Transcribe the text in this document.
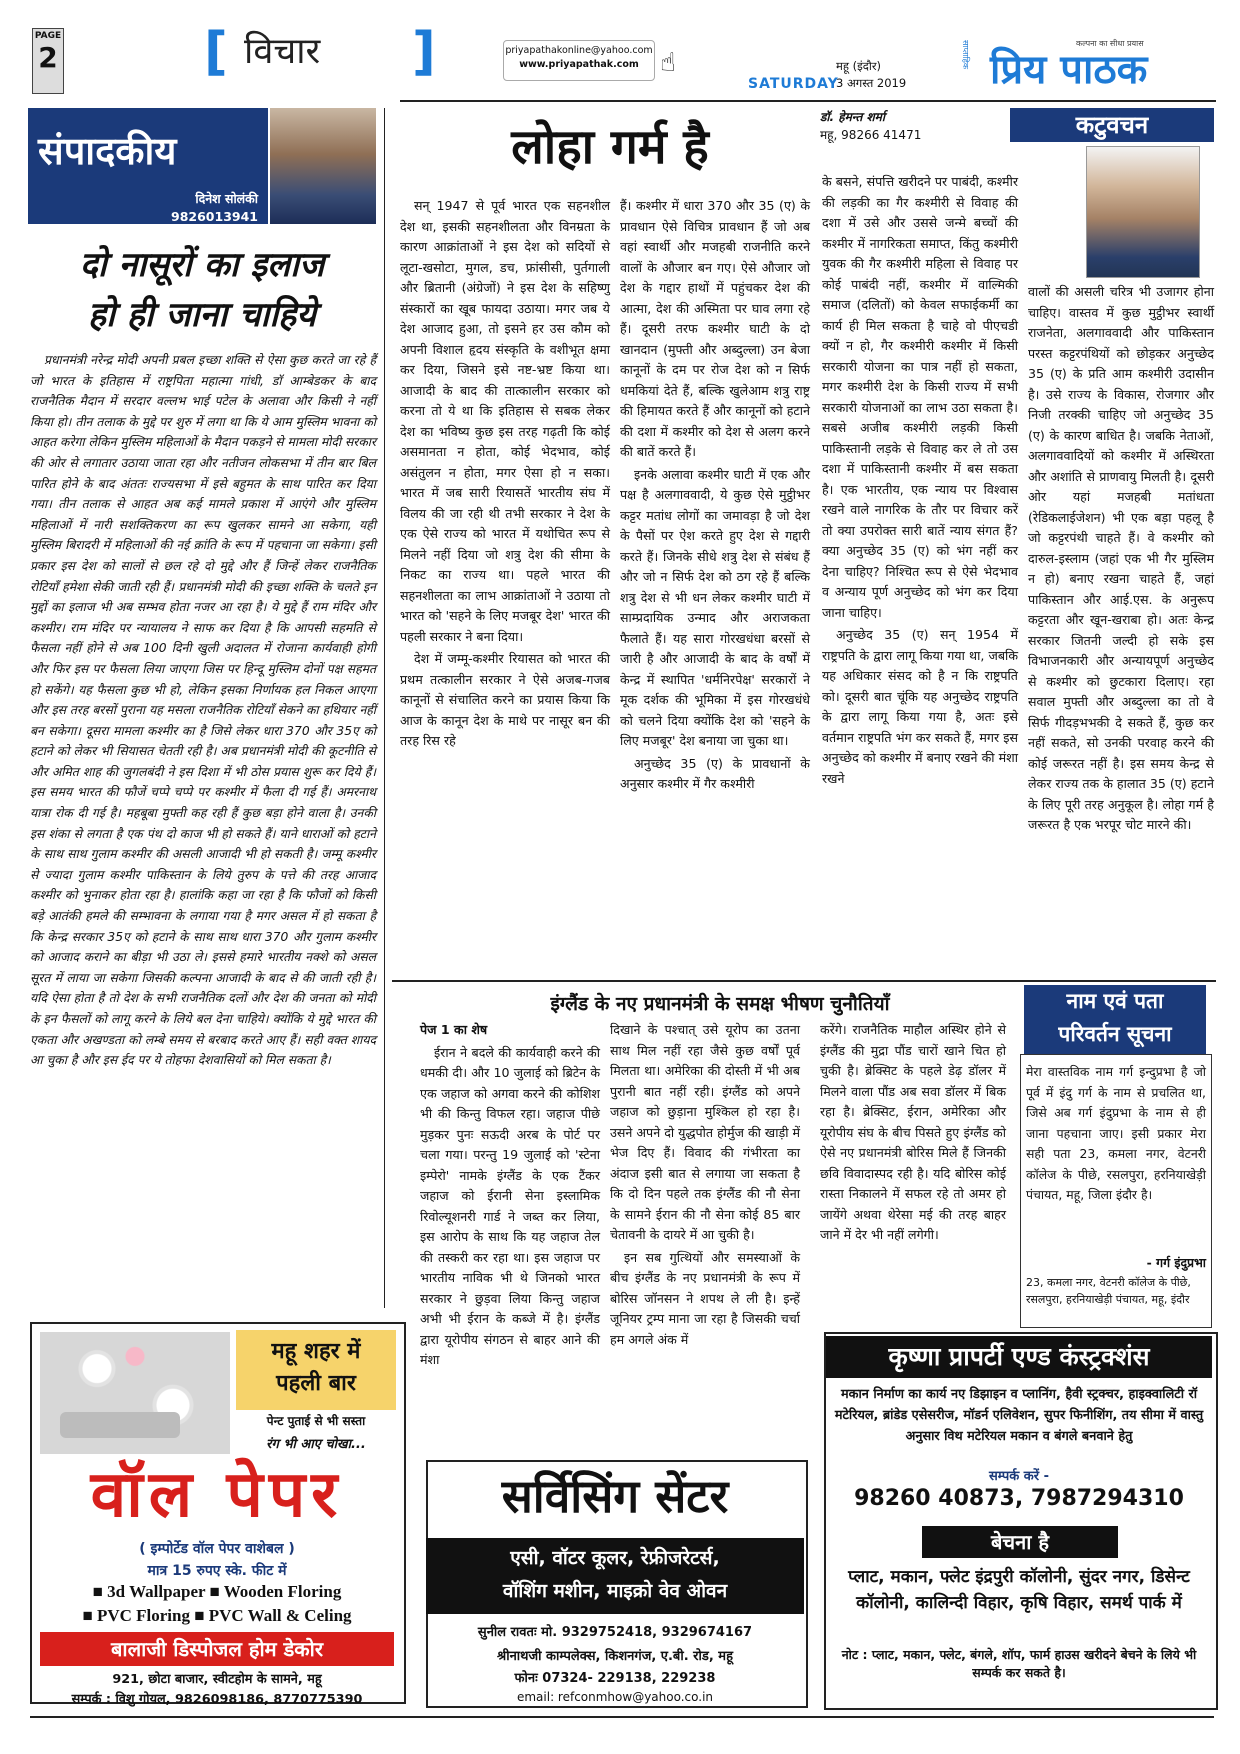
PAGE
2	[ विचार ]	priyapathakonline@yahoo.com
www.priyapathak.com ☝
SATURDAY
महू (इंदौर)
3 अगस्त 2019
साप्ताहिक प्रिय पाठक
कल्पना का सीधा प्रयास
संपादकीय
दिनेश सोलंकी
9826013941
दो नासूरों का इलाज
हो ही जाना चाहिये

प्रधानमंत्री नरेन्द्र मोदी अपनी प्रबल इच्छा शक्ति से ऐसा कुछ करते जा रहे हैं जो भारत के इतिहास में राष्ट्रपिता महात्मा गांधी, डॉ आम्बेडकर के बाद राजनैतिक मैदान में सरदार वल्लभ भाई पटेल के अलावा और किसी ने नहीं किया हो। तीन तलाक के मुद्दे पर शुरु में लगा था कि ये आम मुस्लिम भावना को आहत करेगा लेकिन मुस्लिम महिलाओं के मैदान पकड़ने से मामला मोदी सरकार की ओर से लगातार उठाया जाता रहा और नतीजन लोकसभा में तीन बार बिल पारित होने के बाद अंततः राज्यसभा में इसे बहुमत के साथ पारित कर दिया गया। तीन तलाक से आहत अब कई मामले प्रकाश में आएंगे और मुस्लिम महिलाओं में नारी सशक्तिकरण का रूप खुलकर सामने आ सकेगा, यही मुस्लिम बिरादरी में महिलाओं की नई क्रांति के रूप में पहचाना जा सकेगा। इसी प्रकार इस देश को सालों से छल रहे दो मुद्दे और हैं जिन्हें लेकर राजनैतिक रोटियाँ हमेशा सेकी जाती रही हैं। प्रधानमंत्री मोदी की इच्छा शक्ति के चलते इन मुद्दों का इलाज भी अब सम्भव होता नजर आ रहा है। ये मुद्दे हैं राम मंदिर और कश्मीर। राम मंदिर पर न्यायालय ने साफ कर दिया है कि आपसी सहमति से फैसला नहीं होने से अब 100 दिनी खुली अदालत में रोजाना कार्यवाही होगी और फिर इस पर फैसला लिया जाएगा जिस पर हिन्दू मुस्लिम दोनों पक्ष सहमत हो सकेंगे। यह फैसला कुछ भी हो, लेकिन इसका निर्णायक हल निकल आएगा और इस तरह बरसों पुराना यह मसला राजनैतिक रोटियाँ सेकने का हथियार नहीं बन सकेगा। दूसरा मामला कश्मीर का है जिसे लेकर धारा 370 और 35ए को हटाने को लेकर भी सियासत चेतती रही है। अब प्रधानमंत्री मोदी की कूटनीति से और अमित शाह की जुगलबंदी ने इस दिशा में भी ठोस प्रयास शुरू कर दिये हैं। इस समय भारत की फौजें चप्पे चप्पे पर कश्मीर में फैला दी गई हैं। अमरनाथ यात्रा रोक दी गई है। महबूबा मुफ्ती कह रही हैं कुछ बड़ा होने वाला है। उनकी इस शंका से लगता है एक पंथ दो काज भी हो सकते हैं। याने धाराओं को हटाने के साथ साथ गुलाम कश्मीर की असली आजादी भी हो सकती है। जम्मू कश्मीर से ज्यादा गुलाम कश्मीर पाकिस्तान के लिये तुरुप के पत्ते की तरह आजाद कश्मीर को भुनाकर होता रहा है। हालांकि कहा जा रहा है कि फौजों को किसी बड़े आतंकी हमले की सम्भावना के लगाया गया है मगर असल में हो सकता है कि केन्द्र सरकार 35ए को हटाने के साथ साथ धारा 370 और गुलाम कश्मीर को आजाद कराने का बीड़ा भी उठा ले। इससे हमारे भारतीय नक्शे को असल सूरत में लाया जा सकेगा जिसकी कल्पना आजादी के बाद से की जाती रही है। यदि ऐसा होता है तो देश के सभी राजनैतिक दलों और देश की जनता को मोदी के इन फैसलों को लागू करने के लिये बल देना चाहिये। क्योंकि ये मुद्दे भारत की एकता और अखण्डता को लम्बे समय से बरबाद करते आए हैं। सही वक्त शायद आ चुका है और इस ईद पर ये तोहफा देशवासियों को मिल सकता है।

लोहा गर्म है

सन् 1947 से पूर्व भारत एक सहनशील देश था, इसकी सहनशीलता और विनम्रता के कारण आक्रांताओं ने इस देश को सदियों से लूटा-खसोटा, मुगल, डच, फ्रांसीसी, पुर्तगाली और ब्रितानी (अंग्रेजों) ने इस देश के सहिष्णु संस्कारों का खूब फायदा उठाया। मगर जब ये देश आजाद हुआ, तो इसने हर उस कौम को अपनी विशाल हृदय संस्कृति के वशीभूत क्षमा कर दिया, जिसने इसे नष्ट-भ्रष्ट किया था। आजादी के बाद की तात्कालीन सरकार को करना तो ये था कि इतिहास से सबक लेकर देश का भविष्य कुछ इस तरह गढ़ती कि कोई असमानता न होता, कोई भेदभाव, कोई असंतुलन न होता, मगर ऐसा हो न सका। भारत में जब सारी रियासतें भारतीय संघ में विलय की जा रही थी तभी सरकार ने देश के एक ऐसे राज्य को भारत में यथोचित रूप से मिलने नहीं दिया जो शत्रु देश की सीमा के निकट का राज्य था। पहले भारत की सहनशीलता का लाभ आक्रांताओं ने उठाया तो भारत को 'सहने के लिए मजबूर देश' भारत की पहली सरकार ने बना दिया।

देश में जम्मू-कश्मीर रियासत को भारत की प्रथम तत्कालीन सरकार ने ऐसे अजब-गजब कानूनों से संचालित करने का प्रयास किया कि आज के कानून देश के माथे पर नासूर बन की तरह रिस रहे

हैं। कश्मीर में धारा 370 और 35 (ए) के प्रावधान ऐसे विचित्र प्रावधान हैं जो अब वहां स्वार्थी और मजहबी राजनीति करने वालों के औजार बन गए। ऐसे औजार जो देश के गद्दार हाथों में पहुंचकर देश की आत्मा, देश की अस्मिता पर घाव लगा रहे हैं। दूसरी तरफ कश्मीर घाटी के दो खानदान (मुफ्ती और अब्दुल्ला) उन बेजा कानूनों के दम पर रोज देश को न सिर्फ धमकियां देते हैं, बल्कि खुलेआम शत्रु राष्ट्र की हिमायत करते हैं और कानूनों को हटाने की दशा में कश्मीर को देश से अलग करने की बातें करते हैं।

इनके अलावा कश्मीर घाटी में एक और पक्ष है अलगाववादी, ये कुछ ऐसे मुट्ठीभर कट्टर मतांध लोगों का जमावड़ा है जो देश के पैसों पर ऐश करते हुए देश से गद्दारी करते हैं। जिनके सीधे शत्रु देश से संबंध हैं और जो न सिर्फ देश को ठग रहे हैं बल्कि शत्रु देश से भी धन लेकर कश्मीर घाटी में साम्प्रदायिक उन्माद और अराजकता फैलाते हैं। यह सारा गोरखधंधा बरसों से जारी है और आजादी के बाद के वर्षों में केन्द्र में स्थापित 'धर्मनिरपेक्ष' सरकारों ने मूक दर्शक की भूमिका में इस गोरखधंधे को चलने दिया क्योंकि देश को 'सहने के लिए मजबूर' देश बनाया जा चुका था।

अनुच्छेद 35 (ए) के प्रावधानों के अनुसार कश्मीर में गैर कश्मीरी

डॉ. हेमन्त शर्मा
महू, 98266 41471	कटुवचन

के बसने, संपत्ति खरीदने पर पाबंदी, कश्मीर की लड़की का गैर कश्मीरी से विवाह की दशा में उसे और उससे जन्मे बच्चों की कश्मीर में नागरिकता समाप्त, किंतु कश्मीरी युवक की गैर कश्मीरी महिला से विवाह पर कोई पाबंदी नहीं, कश्मीर में वाल्मिकी समाज (दलितों) को केवल सफाईकर्मी का कार्य ही मिल सकता है चाहे वो पीएचडी क्यों न हो, गैर कश्मीरी कश्मीर में किसी सरकारी योजना का पात्र नहीं हो सकता, मगर कश्मीरी देश के किसी राज्य में सभी सरकारी योजनाओं का लाभ उठा सकता है। सबसे अजीब कश्मीरी लड़की किसी पाकिस्तानी लड़के से विवाह कर ले तो उस दशा में पाकिस्तानी कश्मीर में बस सकता है। एक भारतीय, एक न्याय पर विश्वास रखने वाले नागरिक के तौर पर विचार करें तो क्या उपरोक्त सारी बातें न्याय संगत हैं? क्या अनुच्छेद 35 (ए) को भंग नहीं कर देना चाहिए? निश्चित रूप से ऐसे भेदभाव व अन्याय पूर्ण अनुच्छेद को भंग कर दिया जाना चाहिए।

अनुच्छेद 35 (ए) सन् 1954 में राष्ट्रपति के द्वारा लागू किया गया था, जबकि यह अधिकार संसद को है न कि राष्ट्रपति को। दूसरी बात चूंकि यह अनुच्छेद राष्ट्रपति के द्वारा लागू किया गया है, अतः इसे वर्तमान राष्ट्रपति भंग कर सकते हैं, मगर इस अनुच्छेद को कश्मीर में बनाए रखने की मंशा रखने

वालों की असली चरित्र भी उजागर होना चाहिए। वास्तव में कुछ मुट्ठीभर स्वार्थी राजनेता, अलगाववादी और पाकिस्तान परस्त कट्टरपंथियों को छोड़कर अनुच्छेद 35 (ए) के प्रति आम कश्मीरी उदासीन है। उसे राज्य के विकास, रोजगार और निजी तरक्की चाहिए जो अनुच्छेद 35 (ए) के कारण बाधित है। जबकि नेताओं, अलगाववादियों को कश्मीर में अस्थिरता और अशांति से प्राणवायु मिलती है। दूसरी ओर यहां मजहबी मतांधता (रेडिकलाईजेशन) भी एक बड़ा पहलू है जो कट्टरपंथी चाहते हैं। वे कश्मीर को दारुल-इस्लाम (जहां एक भी गैर मुस्लिम न हो) बनाए रखना चाहते हैं, जहां पाकिस्तान और आई.एस. के अनुरूप कट्टरता और खून-खराबा हो। अतः केन्द्र सरकार जितनी जल्दी हो सके इस विभाजनकारी और अन्यायपूर्ण अनुच्छेद से कश्मीर को छुटकारा दिलाए। रहा सवाल मुफ्ती और अब्दुल्ला का तो वे सिर्फ गीदड़भभकी दे सकते हैं, कुछ कर नहीं सकते, सो उनकी परवाह करने की कोई जरूरत नहीं है। इस समय केन्द्र से लेकर राज्य तक के हालात 35 (ए) हटाने के लिए पूरी तरह अनुकूल है। लोहा गर्म है जरूरत है एक भरपूर चोट मारने की।

इंग्लैंड के नए प्रधानमंत्री के समक्ष भीषण चुनौतियाँ

पेज 1 का शेष

ईरान ने बदले की कार्यवाही करने की धमकी दी। और 10 जुलाई को ब्रिटेन के एक जहाज को अगवा करने की कोशिश भी की किन्तु विफल रहा। जहाज पीछे मुड़कर पुनः सऊदी अरब के पोर्ट पर चला गया। परन्तु 19 जुलाई को 'स्टेना इम्पेरो' नामके इंग्लैंड के एक टैंकर जहाज को ईरानी सेना इस्लामिक रिवोल्यूशनरी गार्ड ने जब्त कर लिया, इस आरोप के साथ कि यह जहाज तेल की तस्करी कर रहा था। इस जहाज पर भारतीय नाविक भी थे जिनको भारत सरकार ने छुड़वा लिया किन्तु जहाज अभी भी ईरान के कब्जे में है। इंग्लैंड द्वारा यूरोपीय संगठन से बाहर आने की मंशा

दिखाने के पश्चात् उसे यूरोप का उतना साथ मिल नहीं रहा जैसे कुछ वर्षों पूर्व मिलता था। अमेरिका की दोस्ती में भी अब पुरानी बात नहीं रही। इंग्लैंड को अपने जहाज को छुड़ाना मुश्किल हो रहा है। उसने अपने दो युद्धपोत होर्मुज की खाड़ी में भेज दिए हैं। विवाद की गंभीरता का अंदाज इसी बात से लगाया जा सकता है कि दो दिन पहले तक इंग्लैंड की नौ सेना के सामने ईरान की नौ सेना कोई 85 बार चेतावनी के दायरे में आ चुकी है।

इन सब गुत्थियों और समस्याओं के बीच इंग्लैंड के नए प्रधानमंत्री के रूप में बोरिस जॉनसन ने शपथ ले ली है। इन्हें जूनियर ट्रम्प माना जा रहा है जिसकी चर्चा हम अगले अंक में

करेंगे। राजनैतिक माहौल अस्थिर होने से इंग्लैंड की मुद्रा पौंड चारों खाने चित हो चुकी है। ब्रेक्सिट के पहले डेढ़ डॉलर में मिलने वाला पौंड अब सवा डॉलर में बिक रहा है। ब्रेक्सिट, ईरान, अमेरिका और यूरोपीय संघ के बीच पिसते हुए इंग्लैंड को ऐसे नए प्रधानमंत्री बोरिस मिले हैं जिनकी छवि विवादास्पद रही है। यदि बोरिस कोई रास्ता निकालने में सफल रहे तो अमर हो जायेंगे अथवा थेरेसा मई की तरह बाहर जाने में देर भी नहीं लगेगी।

नाम एवं पता
परिवर्तन सूचना

मेरा वास्तविक नाम गर्ग इन्दुप्रभा है जो पूर्व में इंदु गर्ग के नाम से प्रचलित था, जिसे अब गर्ग इंदुप्रभा के नाम से ही जाना पहचाना जाए। इसी प्रकार मेरा सही पता 23, कमला नगर, वेटनरी कॉलेज के पीछे, रसलपुरा, हरनियाखेड़ी पंचायत, महू, जिला इंदौर है।

- गर्ग इंदुप्रभा
23, कमला नगर, वेटनरी कॉलेज के पीछे, रसलपुरा, हरनियाखेड़ी पंचायत, महू, इंदौर
महू शहर में
पहली बार
पेन्ट पुताई से भी सस्ता
रंग भी आए चोखा...
वॉल पेपर
( इम्पोर्टेड वॉल पेपर वाशेबल )
मात्र 15 रुपए स्के. फीट में
■ 3d Wallpaper ■ Wooden Floring
■ PVC Floring ■ PVC Wall & Celing
बालाजी डिस्पोजल होम डेकोर
921, छोटा बाजार, स्वीटहोम के सामने, महू
सम्पर्क : विशु गोयल, 9826098186, 8770775390
सर्विसिंग सेंटर
एसी, वॉटर कूलर, रेफ्रीजरेटर्स,
वॉशिंग मशीन, माइक्रो वेव ओवन
सुनील रावतः मो. 9329752418, 9329674167
श्रीनाथजी काम्पलेक्स, किशनगंज, ए.बी. रोड, महू
फोनः 07324- 229138, 229238
email: refconmhow@yahoo.co.in
कृष्णा प्रापर्टी एण्ड कंस्ट्रक्शंस
मकान निर्माण का कार्य नए डिझाइन व प्लानिंग, हैवी स्ट्रक्चर, हाइक्वालिटी रॉ मटेरियल, ब्रांडेड एसेसरीज, मॉडर्न एलिवेशन, सुपर फिनीशिंग, तय सीमा में वास्तु अनुसार विथ मटेरियल मकान व बंगले बनवाने हेतु
सम्पर्क करें -
98260 40873, 7987294310
बेचना है
प्लाट, मकान, फ्लेट इंद्रपुरी कॉलोनी, सुंदर नगर, डिसेन्ट कॉलोनी, कालिन्दी विहार, कृषि विहार, समर्थ पार्क में
नोट : प्लाट, मकान, फ्लेट, बंगले, शॉप, फार्म हाउस खरीदने बेचने के लिये भी सम्पर्क कर सकते है।
